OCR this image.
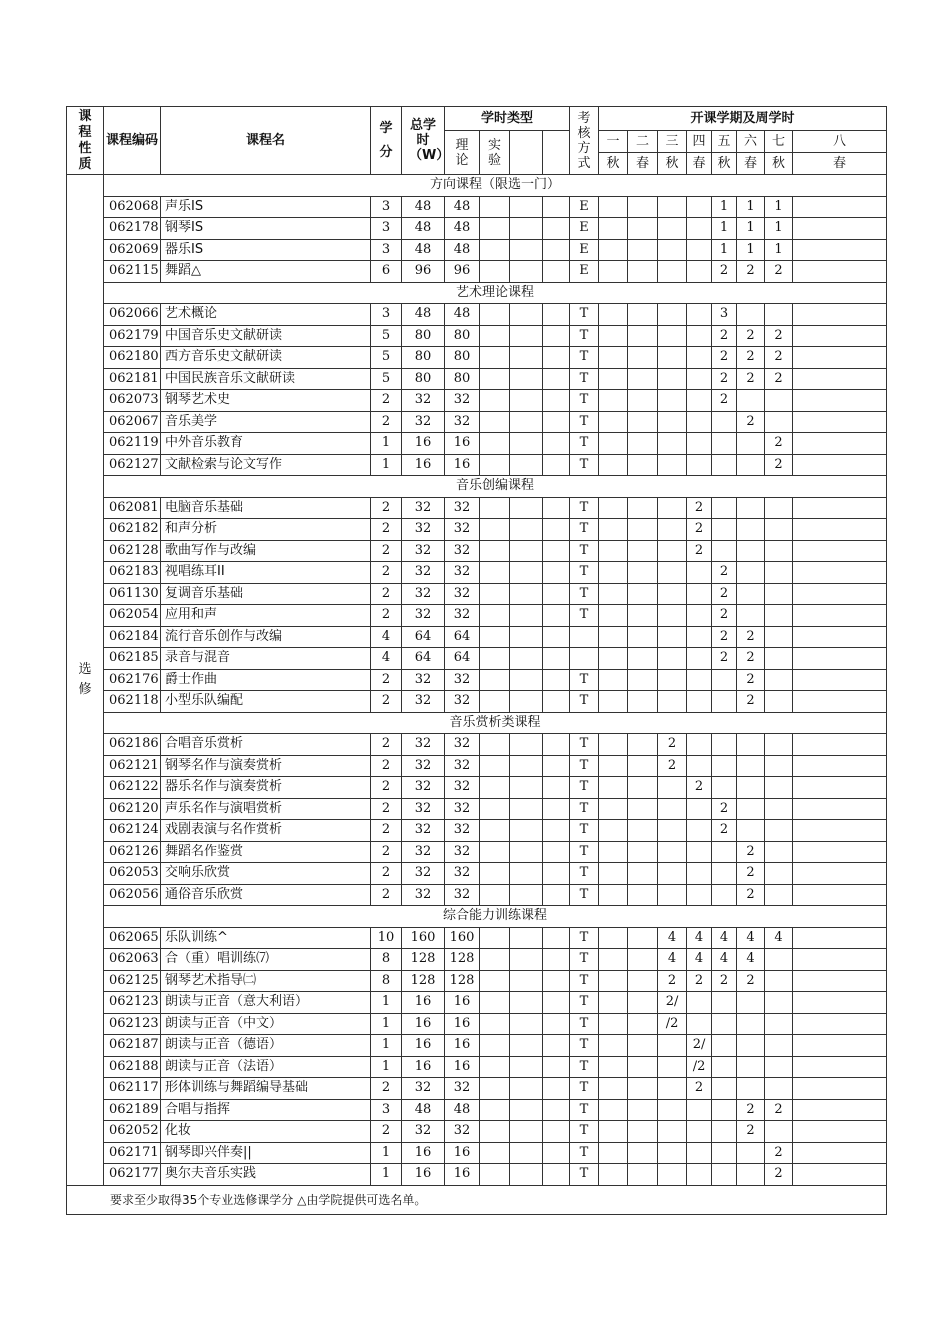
课程性质	课程编码	课程名	学分	总学时（W）	学时类型				考核方式	开课学期及周学时	

					理论	实验				一	二	三	四	五	六	七	八	
										秋	春	秋	春	秋	春	秋	春	

选修	方向课程（限选一门）																	
	062068	声乐IS	3	48	48				E					1	1	1		
	062178	钢琴IS	3	48	48				E					1	1	1		
	062069	器乐IS	3	48	48				E					1	1	1		
	062115	舞蹈△	6	96	96				E					2	2	2		
	艺术理论课程																	
	062066	艺术概论	3	48	48				T					3				
	062179	中国音乐史文献研读	5	80	80				T					2	2	2		
	062180	西方音乐史文献研读	5	80	80				T					2	2	2		
	062181	中国民族音乐文献研读	5	80	80				T					2	2	2		
	062073	钢琴艺术史	2	32	32				T					2				
	062067	音乐美学	2	32	32				T						2			
	062119	中外音乐教育	1	16	16				T							2		
	062127	文献检索与论文写作	1	16	16				T							2		
	音乐创编课程																	
	062081	电脑音乐基础	2	32	32				T				2					
	062182	和声分析	2	32	32				T				2					
	062128	歌曲写作与改编	2	32	32				T				2					
	062183	视唱练耳II	2	32	32				T					2				
	061130	复调音乐基础	2	32	32				T					2				
	062054	应用和声	2	32	32				T					2				
	062184	流行音乐创作与改编	4	64	64									2	2			
	062185	录音与混音	4	64	64									2	2			
	062176	爵士作曲	2	32	32				T						2			
	062118	小型乐队编配	2	32	32				T						2			
	音乐赏析类课程																	
	062186	合唱音乐赏析	2	32	32				T			2						
	062121	钢琴名作与演奏赏析	2	32	32				T			2						
	062122	器乐名作与演奏赏析	2	32	32				T				2					
	062120	声乐名作与演唱赏析	2	32	32				T					2				
	062124	戏剧表演与名作赏析	2	32	32				T					2				
	062126	舞蹈名作鉴赏	2	32	32				T						2			
	062053	交响乐欣赏	2	32	32				T						2			
	062056	通俗音乐欣赏	2	32	32				T						2			
	综合能力训练课程																	
	062065	乐队训练^	10	160	160				T			4	4	4	4	4		
	062063	合（重）唱训练⑺	8	128	128				T			4	4	4	4			
	062125	钢琴艺术指导㈡	8	128	128				T			2	2	2	2			
	062123	朗读与正音（意大利语）	1	16	16				T			2/						
	062123	朗读与正音（中文）	1	16	16				T			/2						
	062187	朗读与正音（德语）	1	16	16				T				2/					
	062188	朗读与正音（法语）	1	16	16				T				/2					
	062117	形体训练与舞蹈编导基础	2	32	32				T				2					
	062189	合唱与指挥	3	48	48				T						2	2		
	062052	化妆	2	32	32				T						2			
	062171	钢琴即兴伴奏||	1	16	16				T							2		
	062177	奥尔夫音乐实践	1	16	16				T							2		
要求至少取得35个专业选修课学分 △由学院提供可选名单。																		
